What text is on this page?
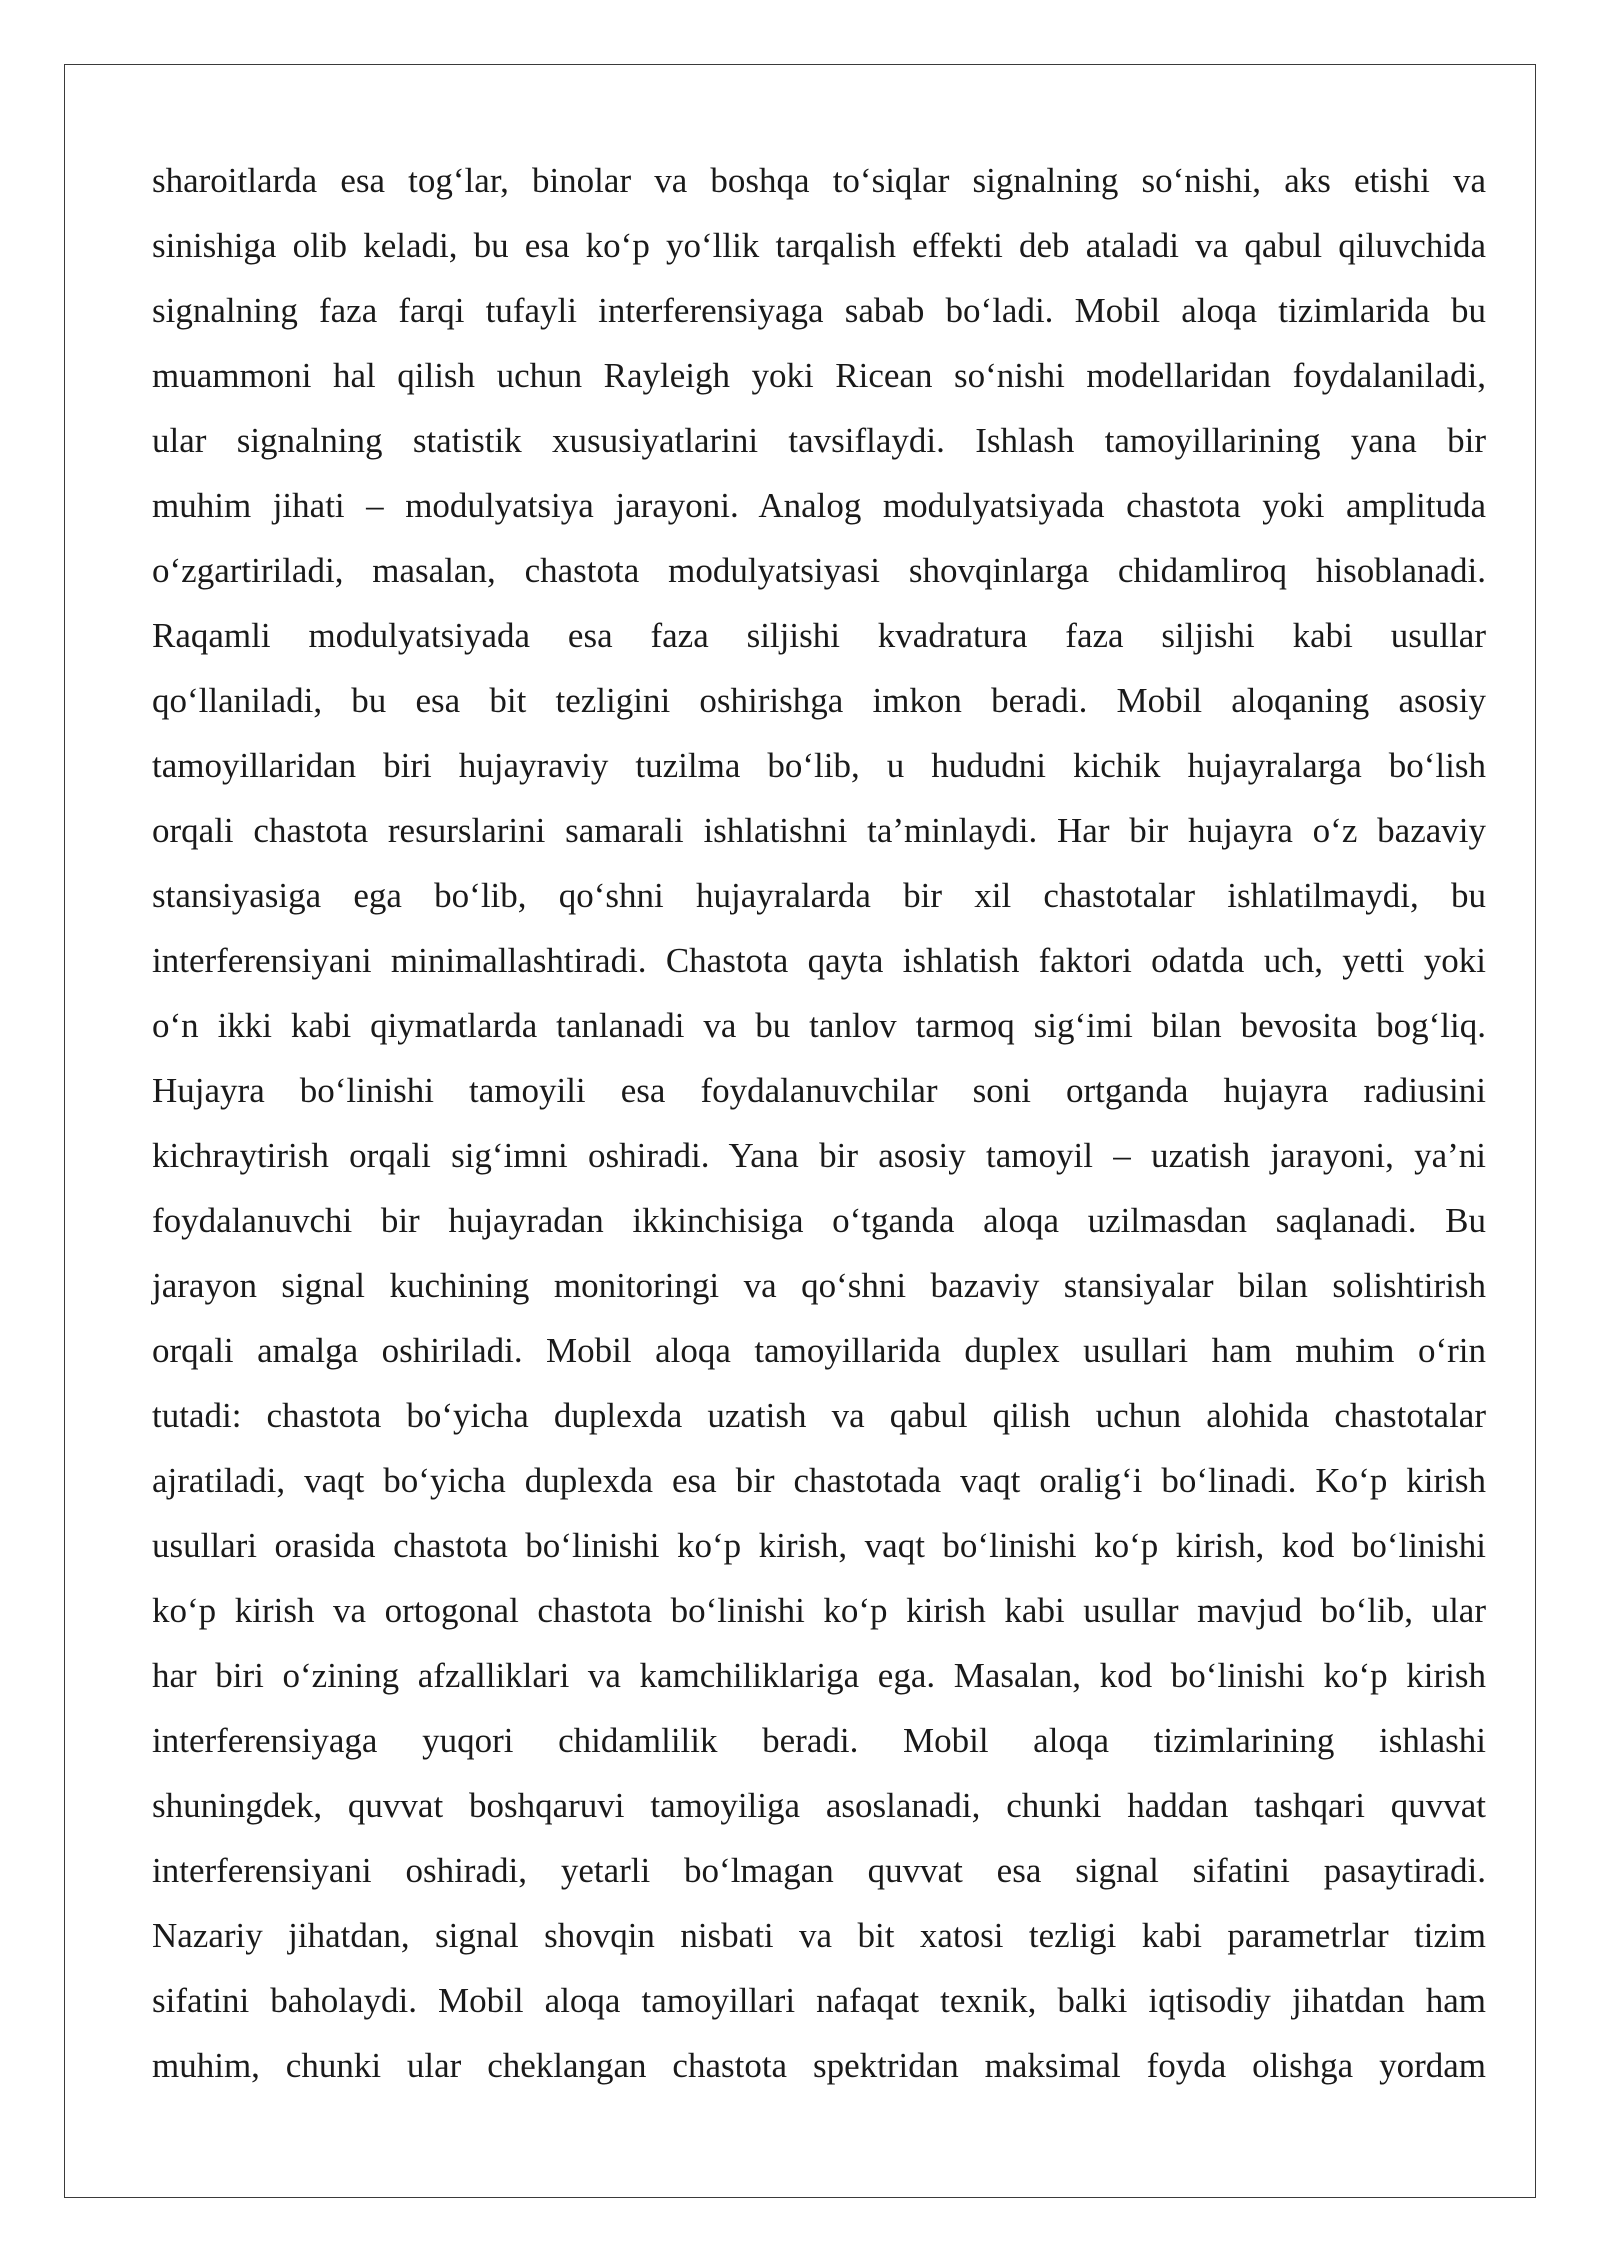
sharoitlarda esa tog‘lar, binolar va boshqa to‘siqlar signalning so‘nishi, aks etishi va
sinishiga olib keladi, bu esa ko‘p yo‘llik tarqalish effekti deb ataladi va qabul qiluvchida
signalning faza farqi tufayli interferensiyaga sabab bo‘ladi. Mobil aloqa tizimlarida bu
muammoni hal qilish uchun Rayleigh yoki Ricean so‘nishi modellaridan foydalaniladi,
ular signalning statistik xususiyatlarini tavsiflaydi. Ishlash tamoyillarining yana bir
muhim jihati – modulyatsiya jarayoni. Analog modulyatsiyada chastota yoki amplituda
o‘zgartiriladi, masalan, chastota modulyatsiyasi shovqinlarga chidamliroq hisoblanadi.
Raqamli modulyatsiyada esa faza siljishi kvadratura faza siljishi kabi usullar
qo‘llaniladi, bu esa bit tezligini oshirishga imkon beradi. Mobil aloqaning asosiy
tamoyillaridan biri hujayraviy tuzilma bo‘lib, u hududni kichik hujayralarga bo‘lish
orqali chastota resurslarini samarali ishlatishni ta’minlaydi. Har bir hujayra o‘z bazaviy
stansiyasiga ega bo‘lib, qo‘shni hujayralarda bir xil chastotalar ishlatilmaydi, bu
interferensiyani minimallashtiradi. Chastota qayta ishlatish faktori odatda uch, yetti yoki
o‘n ikki kabi qiymatlarda tanlanadi va bu tanlov tarmoq sig‘imi bilan bevosita bog‘liq.
Hujayra bo‘linishi tamoyili esa foydalanuvchilar soni ortganda hujayra radiusini
kichraytirish orqali sig‘imni oshiradi. Yana bir asosiy tamoyil – uzatish jarayoni, ya’ni
foydalanuvchi bir hujayradan ikkinchisiga o‘tganda aloqa uzilmasdan saqlanadi. Bu
jarayon signal kuchining monitoringi va qo‘shni bazaviy stansiyalar bilan solishtirish
orqali amalga oshiriladi. Mobil aloqa tamoyillarida duplex usullari ham muhim o‘rin
tutadi: chastota bo‘yicha duplexda uzatish va qabul qilish uchun alohida chastotalar
ajratiladi, vaqt bo‘yicha duplexda esa bir chastotada vaqt oralig‘i bo‘linadi. Ko‘p kirish
usullari orasida chastota bo‘linishi ko‘p kirish, vaqt bo‘linishi ko‘p kirish, kod bo‘linishi
ko‘p kirish va ortogonal chastota bo‘linishi ko‘p kirish kabi usullar mavjud bo‘lib, ular
har biri o‘zining afzalliklari va kamchiliklariga ega. Masalan, kod bo‘linishi ko‘p kirish
interferensiyaga yuqori chidamlilik beradi. Mobil aloqa tizimlarining ishlashi
shuningdek, quvvat boshqaruvi tamoyiliga asoslanadi, chunki haddan tashqari quvvat
interferensiyani oshiradi, yetarli bo‘lmagan quvvat esa signal sifatini pasaytiradi.
Nazariy jihatdan, signal shovqin nisbati va bit xatosi tezligi kabi parametrlar tizim
sifatini baholaydi. Mobil aloqa tamoyillari nafaqat texnik, balki iqtisodiy jihatdan ham
muhim, chunki ular cheklangan chastota spektridan maksimal foyda olishga yordam
